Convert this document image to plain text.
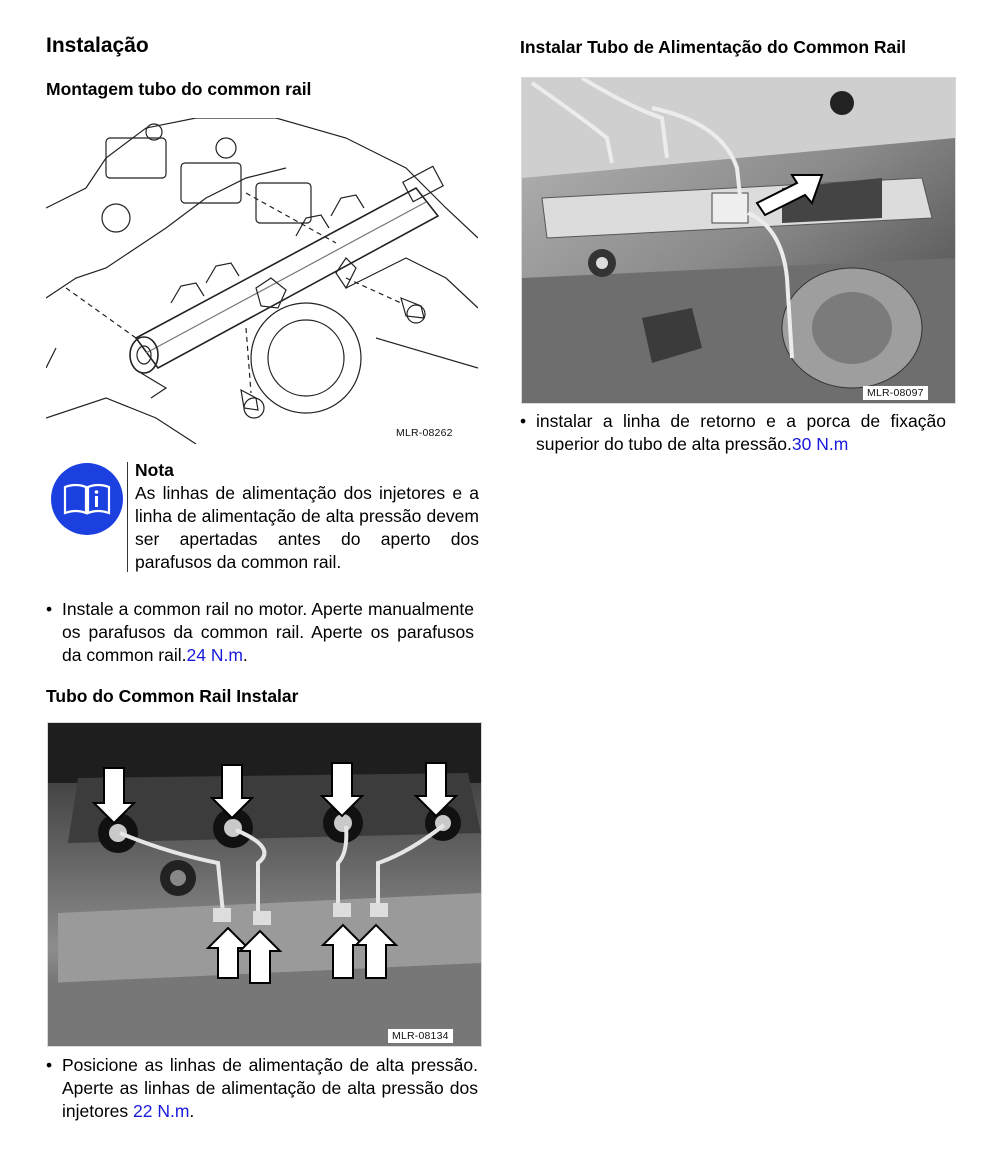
Instalação
Montagem tubo do common rail
MLR-08262
Nota
As linhas de alimentação dos injetores e a linha de alimentação de alta pressão devem ser apertadas antes do aperto dos parafusos da common rail.
• Instale a common rail no motor. Aperte manualmente os parafusos da common rail. Aperte os parafusos da common rail.24 N.m.
Tubo do Common Rail Instalar
MLR-08134
• Posicione as linhas de alimentação de alta pressão. Aperte as linhas de alimentação de alta pressão dos injetores 22 N.m.
Instalar Tubo de Alimentação do Common Rail
MLR-08097
• instalar a linha de retorno e a porca de fixação superior do tubo de alta pressão.30 N.m
